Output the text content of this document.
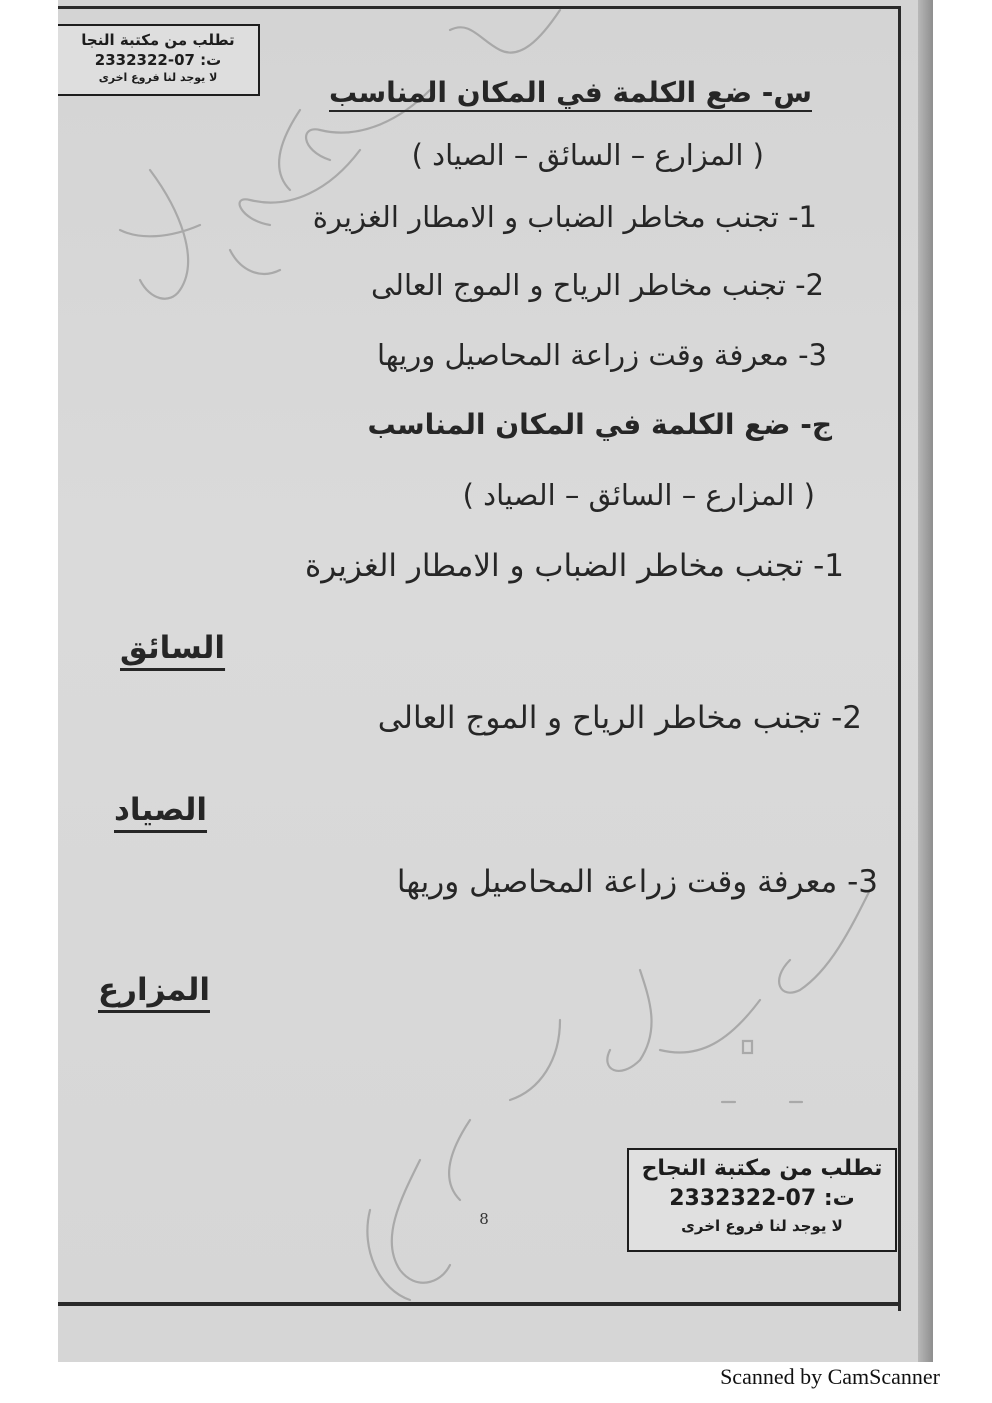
تطلب من مكتبة النجا
ت: 07-2332322
لا يوجد لنا فروع اخرى	س- ضع الكلمة في المكان المناسب
( المزارع – السائق – الصياد )
1- تجنب مخاطر الضباب و الامطار الغزيرة
2- تجنب مخاطر الرياح و الموج العالى
3- معرفة وقت زراعة المحاصيل وريها
ج- ضع الكلمة في المكان المناسب
( المزارع – السائق – الصياد )
1- تجنب مخاطر الضباب و الامطار الغزيرة
السائق
2- تجنب مخاطر الرياح و الموج العالى
الصياد
3- معرفة وقت زراعة المحاصيل وريها
المزارع
تطلب من مكتبة النجاح
ت: 07-2332322
لا يوجد لنا فروع اخرى
8
Scanned by CamScanner
